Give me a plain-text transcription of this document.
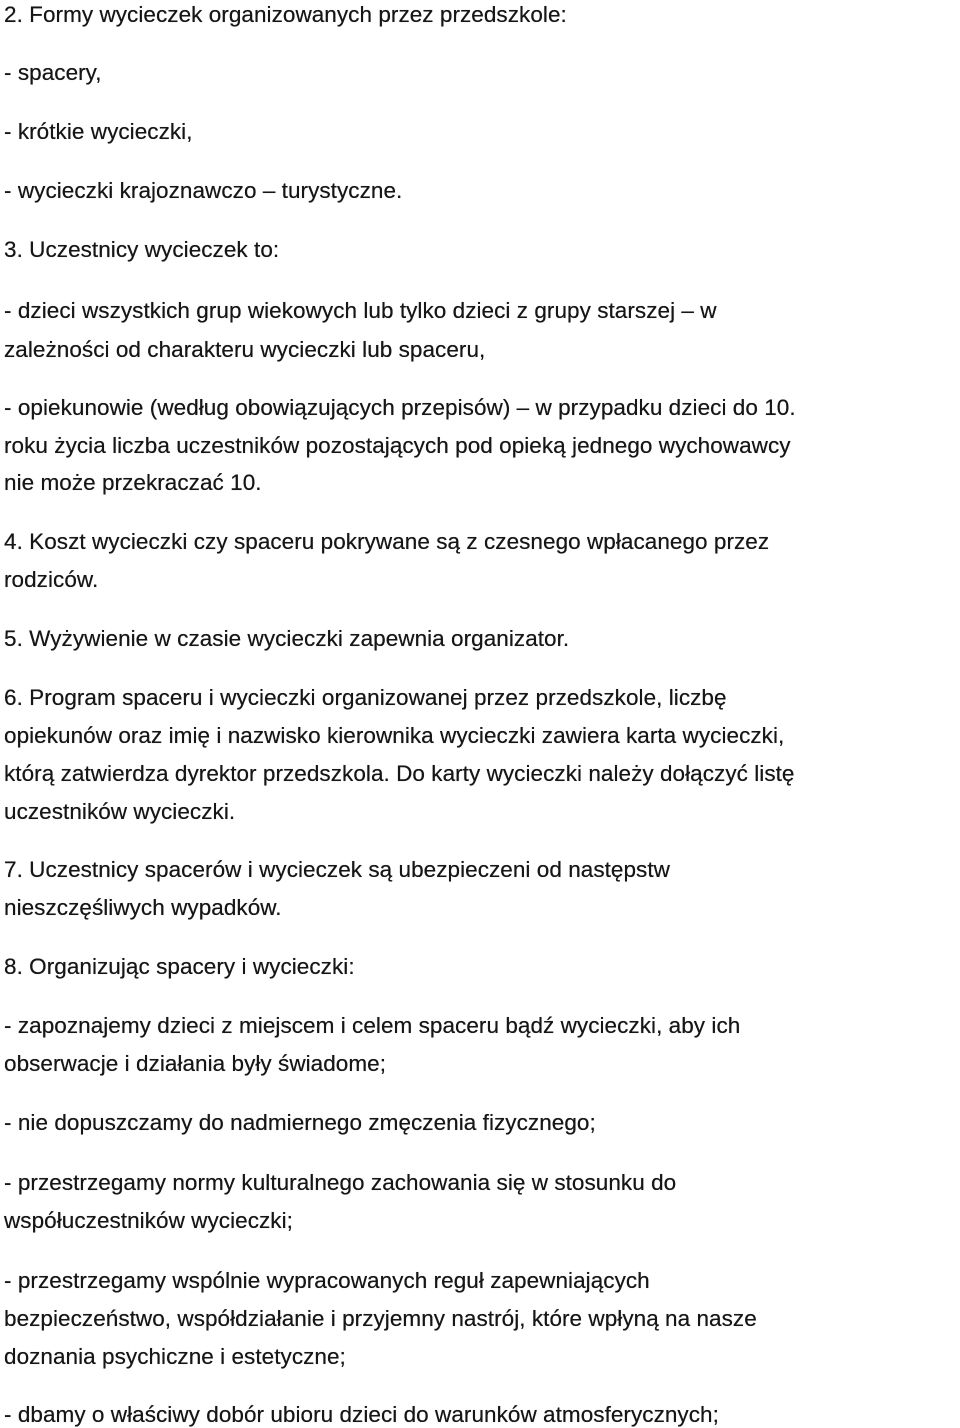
2. Formy wycieczek organizowanych przez przedszkole:
- spacery,
- krótkie wycieczki,
- wycieczki krajoznawczo – turystyczne.
3. Uczestnicy wycieczek to:
- dzieci wszystkich grup wiekowych lub tylko dzieci z grupy starszej – w
zależności od charakteru wycieczki lub spaceru,
- opiekunowie (według obowiązujących przepisów) – w przypadku dzieci do 10.
roku życia liczba uczestników pozostających pod opieką jednego wychowawcy
nie może przekraczać 10.
4. Koszt wycieczki czy spaceru pokrywane są z czesnego wpłacanego przez
rodziców.
5. Wyżywienie w czasie wycieczki zapewnia organizator.
6. Program spaceru i wycieczki organizowanej przez przedszkole, liczbę
opiekunów oraz imię i nazwisko kierownika wycieczki zawiera karta wycieczki,
którą zatwierdza dyrektor przedszkola. Do karty wycieczki należy dołączyć listę
uczestników wycieczki.
7. Uczestnicy spacerów i wycieczek są ubezpieczeni od następstw
nieszczęśliwych wypadków.
8. Organizując spacery i wycieczki:
- zapoznajemy dzieci z miejscem i celem spaceru bądź wycieczki, aby ich
obserwacje i działania były świadome;
- nie dopuszczamy do nadmiernego zmęczenia fizycznego;
- przestrzegamy normy kulturalnego zachowania się w stosunku do
współuczestników wycieczki;
- przestrzegamy wspólnie wypracowanych reguł zapewniających
bezpieczeństwo, współdziałanie i przyjemny nastrój, które wpłyną na nasze
doznania psychiczne i estetyczne;
- dbamy o właściwy dobór ubioru dzieci do warunków atmosferycznych;
